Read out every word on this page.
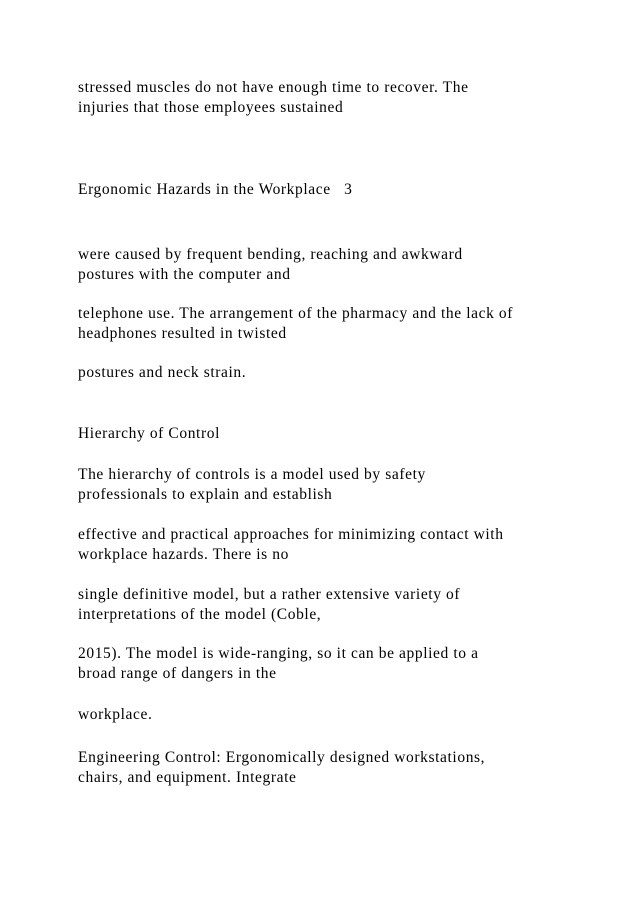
stressed muscles do not have enough time to recover. The

injuries that those employees sustained

Ergonomic Hazards in the Workplace   3

were caused by frequent bending, reaching and awkward

postures with the computer and

telephone use. The arrangement of the pharmacy and the lack of

headphones resulted in twisted

postures and neck strain.

Hierarchy of Control

The hierarchy of controls is a model used by safety

professionals to explain and establish

effective and practical approaches for minimizing contact with

workplace hazards. There is no

single definitive model, but a rather extensive variety of

interpretations of the model (Coble,

2015). The model is wide-ranging, so it can be applied to a

broad range of dangers in the

workplace.

Engineering Control: Ergonomically designed workstations,

chairs, and equipment. Integrate
